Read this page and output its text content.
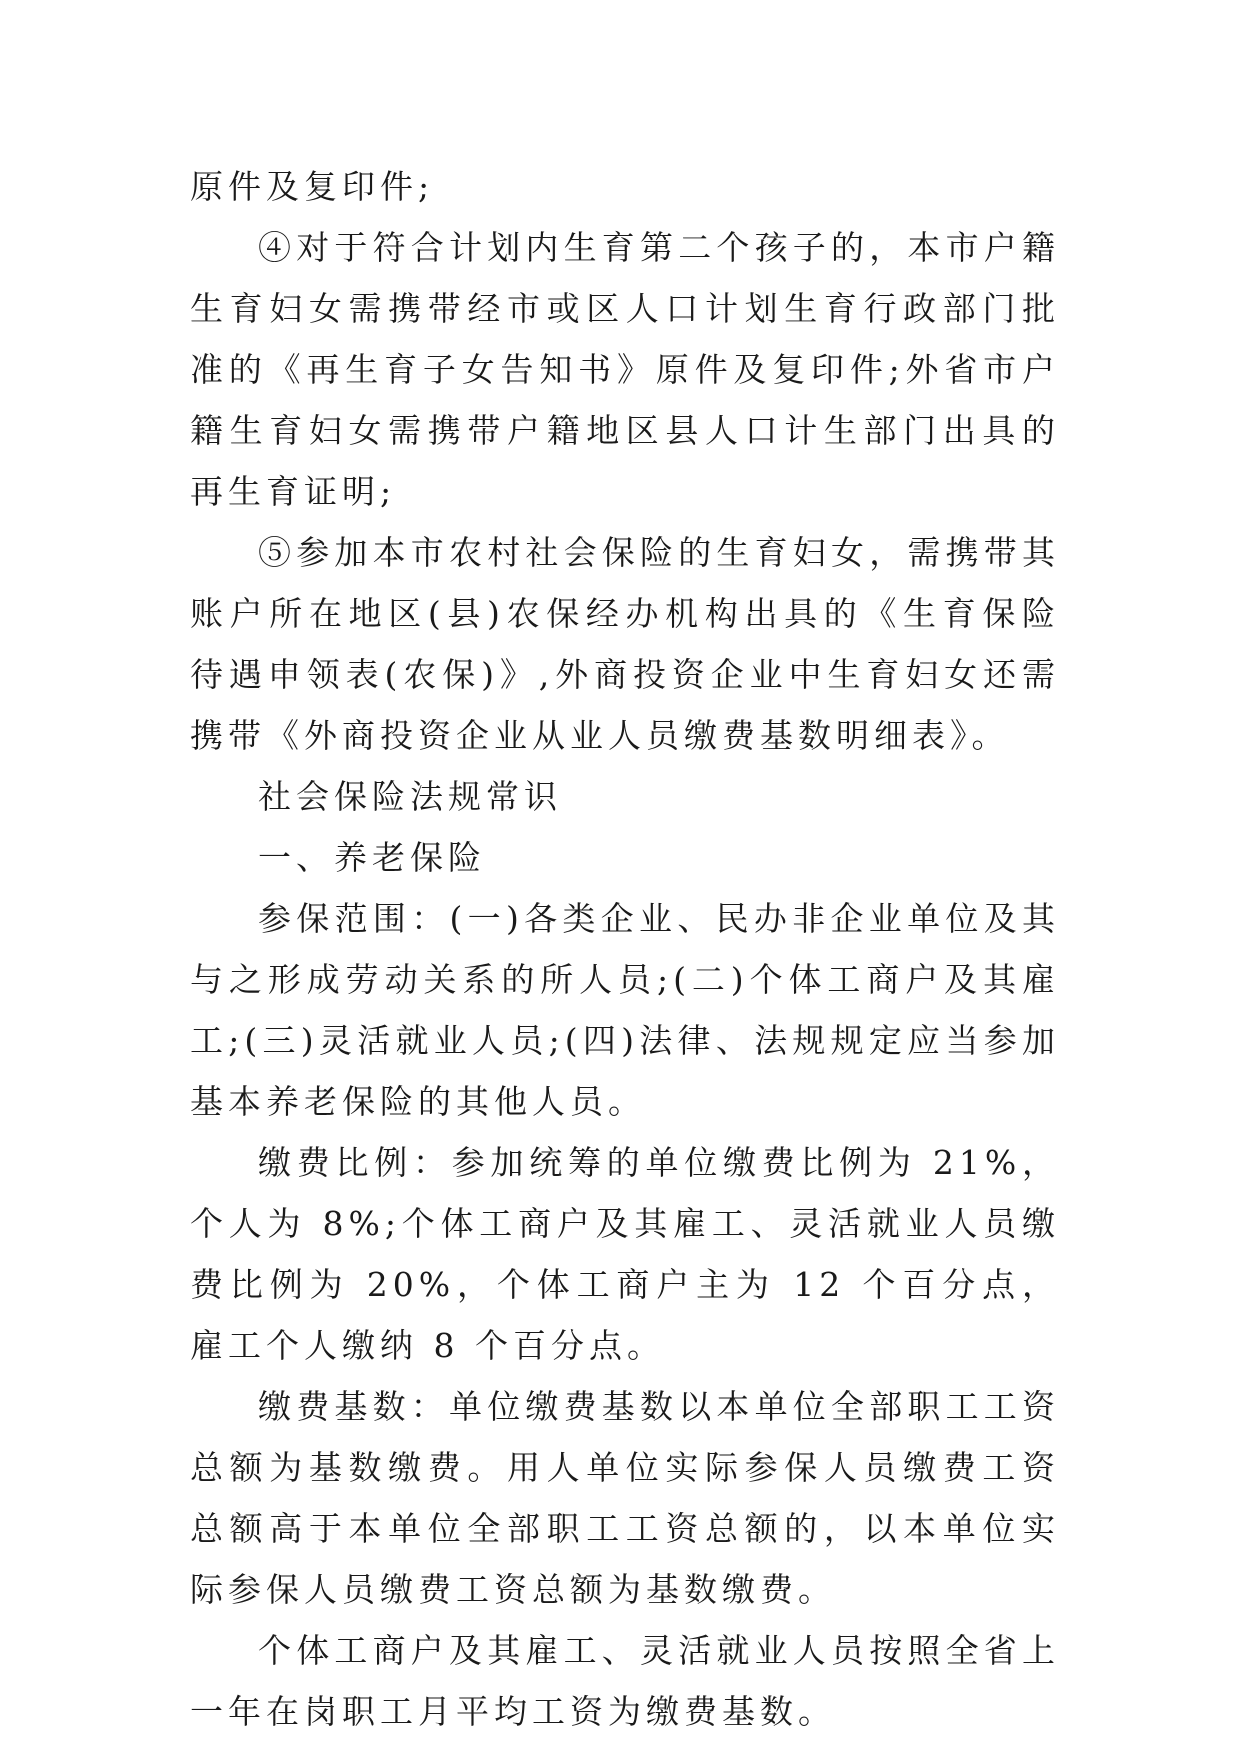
原件及复印件;

④对于符合计划内生育第二个孩子的，本市户籍生育妇女需携带经市或区人口计划生育行政部门批准的《再生育子女告知书》原件及复印件;外省市户籍生育妇女需携带户籍地区县人口计生部门出具的再生育证明;

⑤参加本市农村社会保险的生育妇女，需携带其账户所在地区(县)农保经办机构出具的《生育保险待遇申领表(农保)》,外商投资企业中生育妇女还需携带《外商投资企业从业人员缴费基数明细表》。

社会保险法规常识

一、养老保险

参保范围：(一)各类企业、民办非企业单位及其与之形成劳动关系的所人员;(二)个体工商户及其雇工;(三)灵活就业人员;(四)法律、法规规定应当参加基本养老保险的其他人员。

缴费比例：参加统筹的单位缴费比例为 21%，个人为 8%;个体工商户及其雇工、灵活就业人员缴费比例为 20%，个体工商户主为 12 个百分点，雇工个人缴纳 8 个百分点。

缴费基数：单位缴费基数以本单位全部职工工资总额为基数缴费。用人单位实际参保人员缴费工资总额高于本单位全部职工工资总额的，以本单位实际参保人员缴费工资总额为基数缴费。

个体工商户及其雇工、灵活就业人员按照全省上一年在岗职工月平均工资为缴费基数。
